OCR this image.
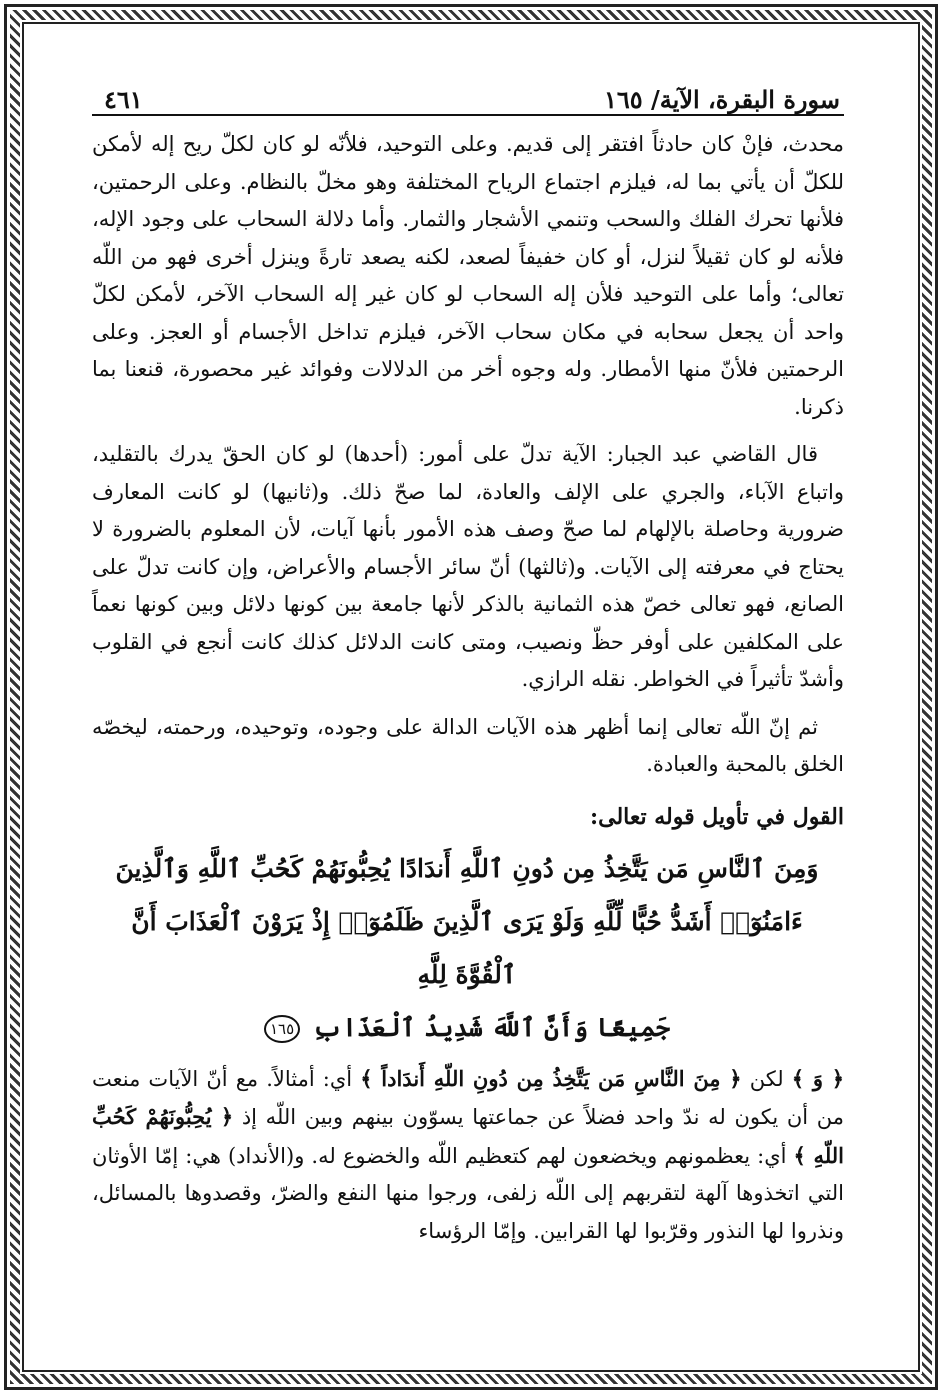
سورة البقرة، الآية/ ١٦٥
٤٦١

محدث، فإنْ كان حادثاً افتقر إلى قديم. وعلى التوحيد، فلأنّه لو كان لكلّ ريح إله لأمكن للكلّ أن يأتي بما له، فيلزم اجتماع الرياح المختلفة وهو مخلّ بالنظام. وعلى الرحمتين، فلأنها تحرك الفلك والسحب وتنمي الأشجار والثمار. وأما دلالة السحاب على وجود الإله، فلأنه لو كان ثقيلاً لنزل، أو كان خفيفاً لصعد، لكنه يصعد تارةً وينزل أخرى فهو من اللّه تعالى؛ وأما على التوحيد فلأن إله السحاب لو كان غير إله السحاب الآخر، لأمكن لكلّ واحد أن يجعل سحابه في مكان سحاب الآخر، فيلزم تداخل الأجسام أو العجز. وعلى الرحمتين فلأنّ منها الأمطار. وله وجوه أخر من الدلالات وفوائد غير محصورة، قنعنا بما ذكرنا.

قال القاضي عبد الجبار: الآية تدلّ على أمور: (أحدها) لو كان الحقّ يدرك بالتقليد، واتباع الآباء، والجري على الإلف والعادة، لما صحّ ذلك. و(ثانيها) لو كانت المعارف ضرورية وحاصلة بالإلهام لما صحّ وصف هذه الأمور بأنها آيات، لأن المعلوم بالضرورة لا يحتاج في معرفته إلى الآيات. و(ثالثها) أنّ سائر الأجسام والأعراض، وإن كانت تدلّ على الصانع، فهو تعالى خصّ هذه الثمانية بالذكر لأنها جامعة بين كونها دلائل وبين كونها نعماً على المكلفين على أوفر حظّ ونصيب، ومتى كانت الدلائل كذلك كانت أنجع في القلوب وأشدّ تأثيراً في الخواطر. نقله الرازي.

ثم إنّ اللّه تعالى إنما أظهر هذه الآيات الدالة على وجوده، وتوحيده، ورحمته، ليخصّه الخلق بالمحبة والعبادة.

القول في تأويل قوله تعالى:
وَمِنَ ٱلنَّاسِ مَن يَتَّخِذُ مِن دُونِ ٱللَّهِ أَندَادًا يُحِبُّونَهُمْ كَحُبِّ ٱللَّهِ وَٱلَّذِينَ
ءَامَنُوٓا۟ أَشَدُّ حُبًّا لِّلَّهِ وَلَوْ يَرَى ٱلَّذِينَ ظَلَمُوٓا۟ إِذْ يَرَوْنَ ٱلْعَذَابَ أَنَّ ٱلْقُوَّةَ لِلَّهِ
جَمِيعًا وَأَنَّ ٱللَّهَ شَدِيدُ ٱلْعَذَابِ ١٦٥

﴿ وَ ﴾ لكن ﴿ مِنَ النَّاسِ مَن يَتَّخِذُ مِن دُونِ اللّهِ أَندَاداً ﴾ أي: أمثالاً. مع أنّ الآيات منعت من أن يكون له ندّ واحد فضلاً عن جماعتها يسوّون بينهم وبين اللّه إذ ﴿ يُحِبُّونَهُمْ كَحُبِّ اللّهِ ﴾ أي: يعظمونهم ويخضعون لهم كتعظيم اللّه والخضوع له. و(الأنداد) هي: إمّا الأوثان التي اتخذوها آلهة لتقربهم إلى اللّه زلفى، ورجوا منها النفع والضرّ، وقصدوها بالمسائل، ونذروا لها النذور وقرّبوا لها القرابين. وإمّا الرؤساء
